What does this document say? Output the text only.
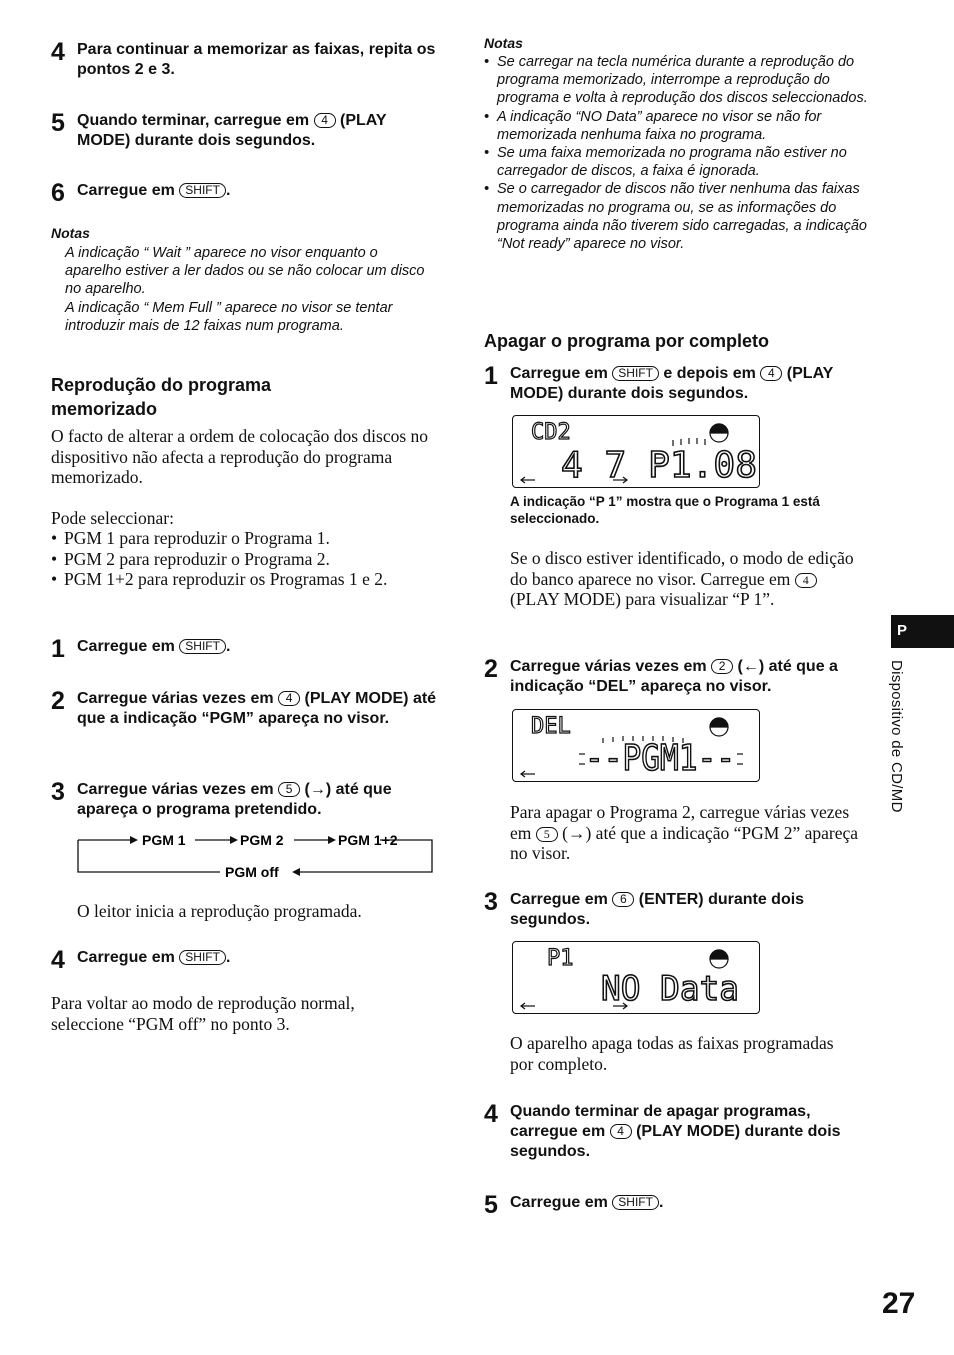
4 Para continuar a memorizar as faixas, repita os pontos 2 e 3.
5 Quando terminar, carregue em 4 (PLAY MODE) durante dois segundos.
6 Carregue em SHIFT .
Notas
A indicação “ Wait ” aparece no visor enquanto o aparelho estiver a ler dados ou se não colocar um disco no aparelho.
A indicação “ Mem Full ” aparece no visor se tentar introduzir mais de 12 faixas num programa.
Reprodução do programa memorizado
O facto de alterar a ordem de colocação dos discos no dispositivo não afecta a reprodução do programa memorizado.
Pode seleccionar:
• PGM 1 para reproduzir o Programa 1.
• PGM 2 para reproduzir o Programa 2.
• PGM 1+2 para reproduzir os Programas 1 e 2.
1 Carregue em SHIFT .
2 Carregue várias vezes em 4 (PLAY MODE) até que a indicação “PGM” apareça no visor.
3 Carregue várias vezes em 5 (→) até que apareça o programa pretendido.
PGM 1	PGM 2	PGM 1+2
PGM off
O leitor inicia a reprodução programada.
4 Carregue em SHIFT .
Para voltar ao modo de reprodução normal, seleccione “PGM off” no ponto 3.
Notas
• Se carregar na tecla numérica durante a reprodução do programa memorizado, interrompe a reprodução do programa e volta à reprodução dos discos seleccionados.
• A indicação “NO Data” aparece no visor se não for memorizada nenhuma faixa no programa.
• Se uma faixa memorizada no programa não estiver no carregador de discos, a faixa é ignorada.
• Se o carregador de discos não tiver nenhuma das faixas memorizadas no programa ou, se as informações do programa ainda não tiverem sido carregadas, a indicação “Not ready” aparece no visor.
Apagar o programa por completo
1 Carregue em SHIFT e depois em 4 (PLAY MODE) durante dois segundos.
CD2
4 7 P1.08
A indicação “P 1” mostra que o Programa 1 está seleccionado.
Se o disco estiver identificado, o modo de edição do banco aparece no visor. Carregue em 4 (PLAY MODE) para visualizar “P 1”.
2 Carregue várias vezes em 2 (←) até que a indicação “DEL” apareça no visor.
DEL
--PGM1--
Para apagar o Programa 2, carregue várias vezes em 5 (→) até que a indicação “PGM 2” apareça no visor.
3 Carregue em 6 (ENTER) durante dois segundos.
P1
NO Data
O aparelho apaga todas as faixas programadas por completo.
4 Quando terminar de apagar programas, carregue em 4 (PLAY MODE) durante dois segundos.
5 Carregue em SHIFT .
P
Dispositivo de CD/MD
27
